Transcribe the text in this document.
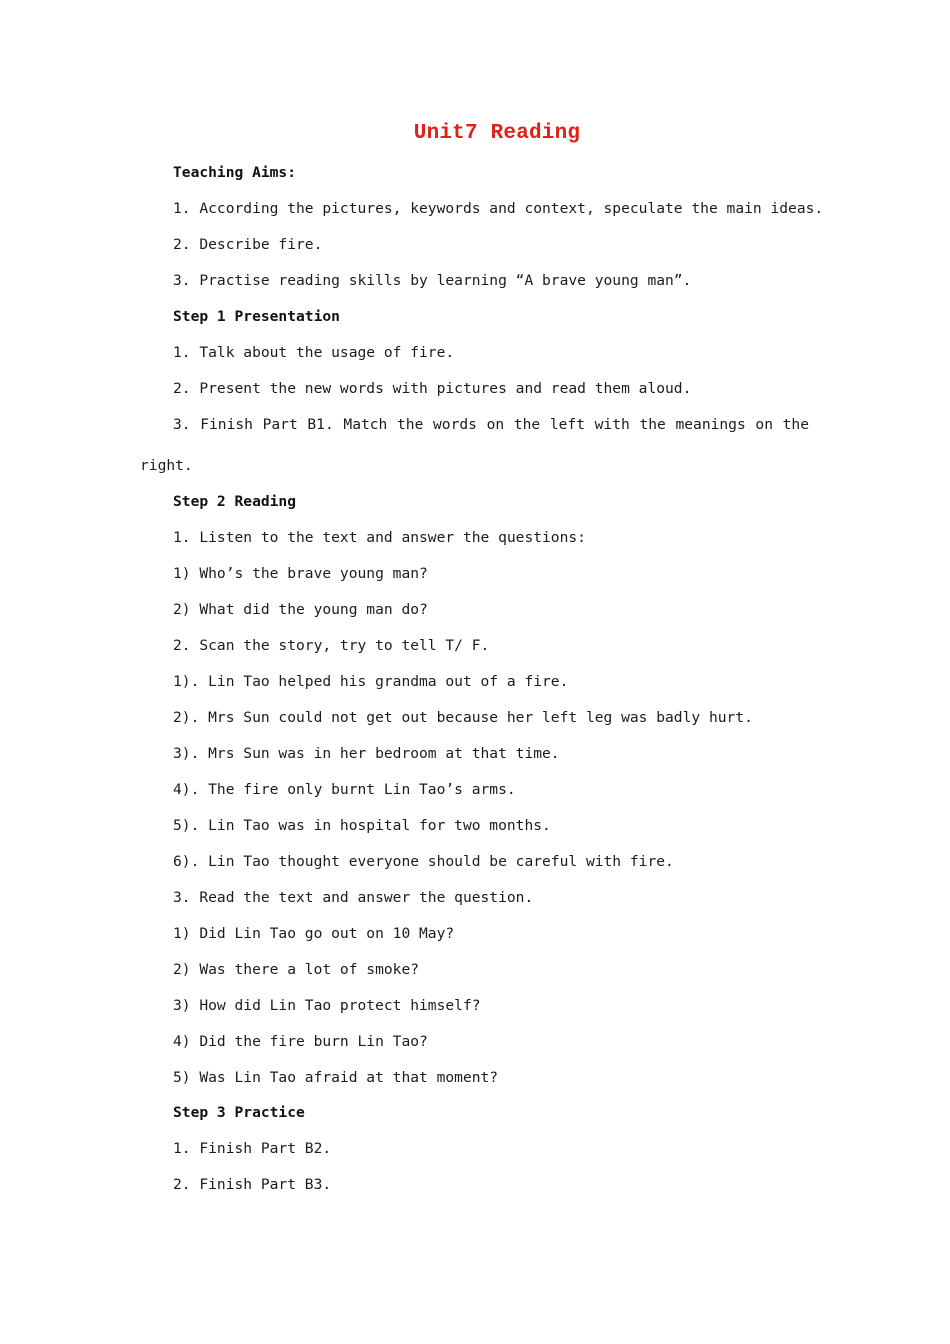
Unit7 Reading
Teaching Aims:
1. According the pictures, keywords and context, speculate the main ideas.
2. Describe fire.
3. Practise reading skills by learning “A brave young man”.
Step 1 Presentation
1. Talk about the usage of fire.
2. Present the new words with pictures and read them aloud.
3. Finish Part B1. Match the words on the left with the meanings on the
right.
Step 2 Reading
1. Listen to the text and answer the questions:
1) Who’s the brave young man?
2) What did the young man do?
2. Scan the story, try to tell T/ F.
1). Lin Tao helped his grandma out of a fire.
2). Mrs Sun could not get out because her left leg was badly hurt.
3). Mrs Sun was in her bedroom at that time.
4). The fire only burnt Lin Tao’s arms.
5). Lin Tao was in hospital for two months.
6). Lin Tao thought everyone should be careful with fire.
3. Read the text and answer the question.
1) Did Lin Tao go out on 10 May?
2) Was there a lot of smoke?
3) How did Lin Tao protect himself?
4) Did the fire burn Lin Tao?
5) Was Lin Tao afraid at that moment?
Step 3 Practice
1. Finish Part B2.
2. Finish Part B3.
